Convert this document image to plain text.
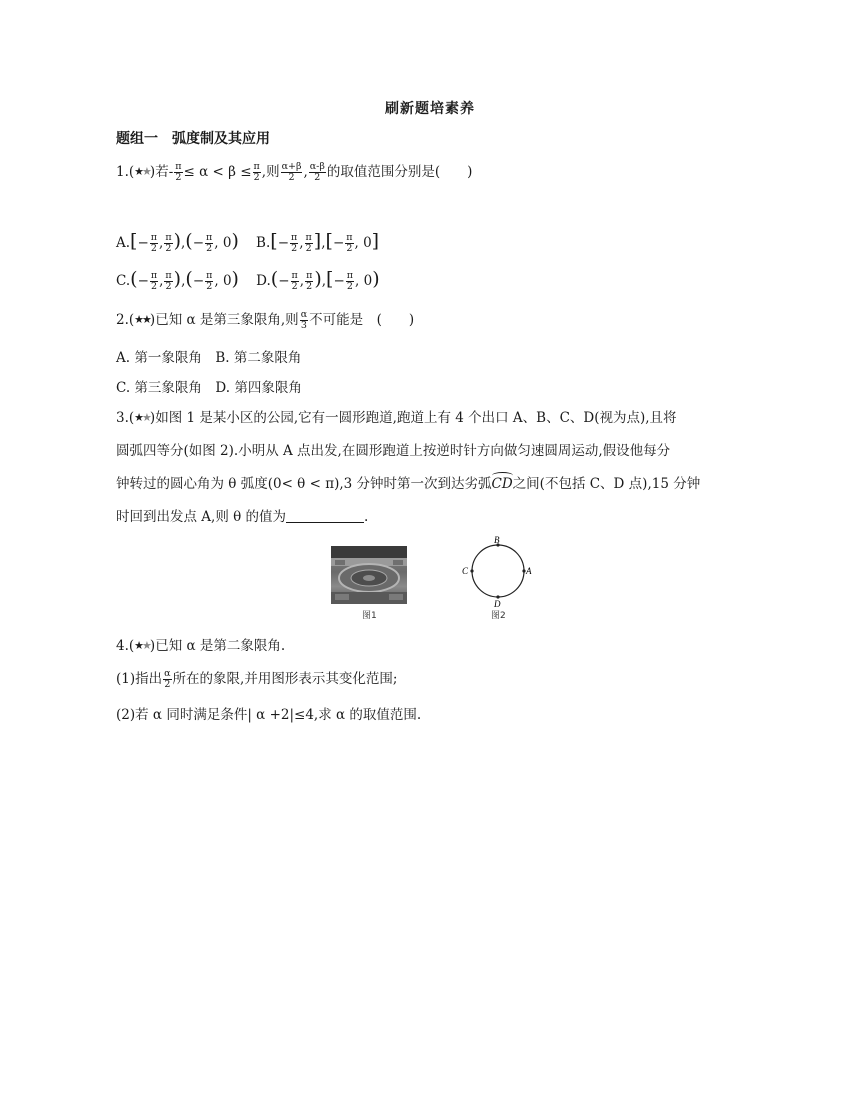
刷新题培素养
题组一　弧度制及其应用
1.(★★)若- $\frac{\pi}{2} \le \alpha < \beta \le \frac{\pi}{2}$ ,则 $\frac{\alpha+\beta}{2}$ , $\frac{\alpha-\beta}{2}$ 的取值范围分别是(　　)
$A.[- \frac{\pi}{2}$ , $\frac{\pi}{2}$ ),(− $\frac{\pi}{2}$ , 0) $B.[- \frac{\pi}{2}$ , $\frac{\pi}{2}$ ],[− $\frac{\pi}{2}$ , 0]
$C.(- \frac{\pi}{2}$ , $\frac{\pi}{2}$ ),(− $\frac{\pi}{2}$ , 0) $D.(- \frac{\pi}{2}$ , $\frac{\pi}{2}$ ),[− $\frac{\pi}{2}$ , 0)
2.(★★)已知 α 是第三象限角,则 $\frac{\alpha}{3}$ 不可能是　(　　)
A. 第一象限角　B. 第二象限角
C. 第三象限角　D. 第四象限角
3.(★★)如图 1 是某小区的公园,它有一圆形跑道,跑道上有 4 个出口 A、B、C、D(视为点),且将
圆弧四等分(如图 2).小明从 A 点出发,在圆形跑道上按逆时针方向做匀速圆周运动,假设他每分
钟转过的圆心角为 θ 弧度(0< θ < π),3 分钟时第一次到达劣弧CD之间(不包括 C、D 点),15 分钟
时回到出发点 A,则 θ 的值为	.
图1
B
D
C	A
图2
4.(★★)已知 α 是第二象限角.
(1)指出 $\frac{\alpha}{2}$ 所在的象限,并用图形表示其变化范围;
(2)若 α 同时满足条件| α +2|≤4,求 α 的取值范围.
